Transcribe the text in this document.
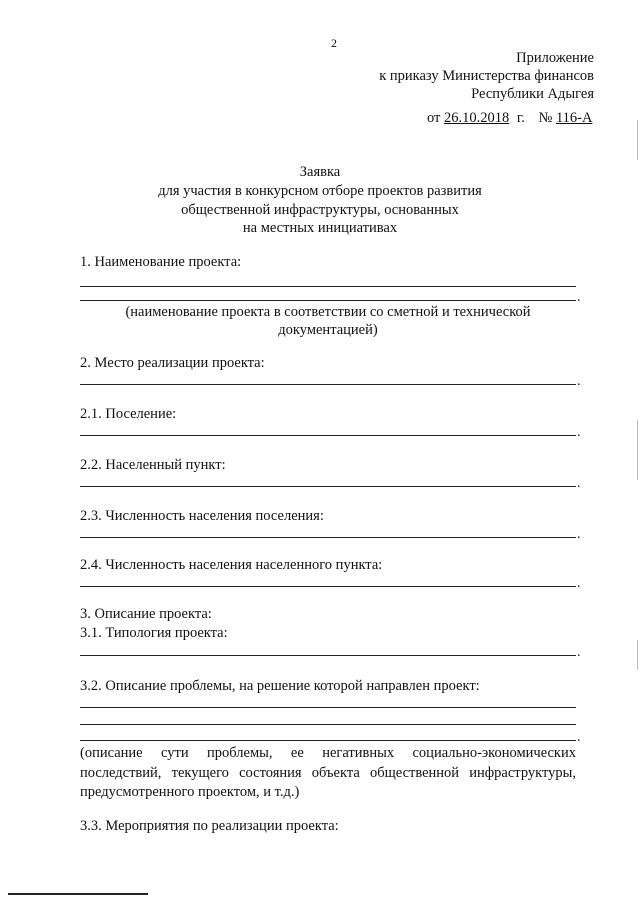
2
Приложение
к приказу Министерства финансов
Республики Адыгея
от 26.10.2018 г. № 116-А
Заявка
для участия в конкурсном отборе проектов развития
общественной инфраструктуры, основанных
на местных инициативах
1. Наименование проекта:
.
(наименование проекта в соответствии со сметной и технической
документацией)
2. Место реализации проекта:
.
2.1. Поселение:
.
2.2. Населенный пункт:
.
2.3. Численность населения поселения:
.
2.4. Численность населения населенного пункта:
.
3. Описание проекта:
3.1. Типология проекта:
.
3.2. Описание проблемы, на решение которой направлен проект:
.
(описание сути проблемы, ее негативных социально-экономических последствий, текущего состояния объекта общественной инфраструктуры, предусмотренного проектом, и т.д.)
3.3. Мероприятия по реализации проекта:
